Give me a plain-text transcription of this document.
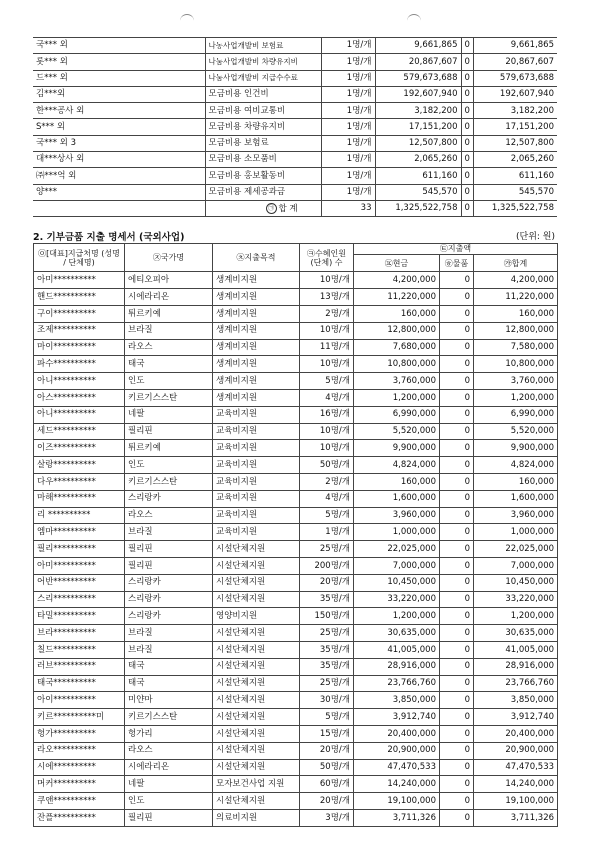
국*** 외	나농사업개발비 보험료	1명/개	9,661,865	0	9,661,865
롯*** 외	나눔사업개발비 차량유지비	1명/개	20,867,607	0	20,867,607
드*** 외	나눔사업개발비 지급수수료	1명/개	579,673,688	0	579,673,688
김***외	모금비용 인건비	1명/개	192,607,940	0	192,607,940
한***공사 외	모금비용 여비교통비	1명/개	3,182,200	0	3,182,200
S*** 외	모금비용 차량유지비	1명/개	17,151,200	0	17,151,200
국*** 외 3	모금비용 보험료	1명/개	12,507,800	0	12,507,800
대***상사 외	모금비용 소모품비	1명/개	2,065,260	0	2,065,260
㈜***억 외	모금비용 홍보활동비	1명/개	611,160	0	611,160
양***	모금비용 제세공과금	1명/개	545,570	0	545,570
	㉠ 합 계	33	1,325,522,758	0	1,325,522,758
2. 기부금품 지출 명세서 (국외사업)	(단위: 원)
㉧[대표]지급처명 (성명 / 단체명)	㉨국가명	㉩지출목적	㉪수혜인원 (단체) 수	㉫지출액		
				㉬현금	㉭물품	㉮합계
아미**********	에티오피아	생계비지원	10명/개	4,200,000	0	4,200,000
핸드**********	시에라리온	생계비지원	13명/개	11,220,000	0	11,220,000
구이**********	튀르키예	생계비지원	2명/개	160,000	0	160,000
조제**********	브라질	생계비지원	10명/개	12,800,000	0	12,800,000
마이**********	라오스	생계비지원	11명/개	7,680,000	0	7,580,000
파수**********	태국	생계비지원	10명/개	10,800,000	0	10,800,000
아니**********	인도	생계비지원	5명/개	3,760,000	0	3,760,000
아스**********	키르기스스탄	생계비지원	4명/개	1,200,000	0	1,200,000
아니**********	네팔	교육비지원	16명/개	6,990,000	0	6,990,000
세드**********	필리핀	교육비지원	10명/개	5,520,000	0	5,520,000
이즈**********	튀르키예	교육비지원	10명/개	9,900,000	0	9,900,000
살랑**********	인도	교육비지원	50명/개	4,824,000	0	4,824,000
다우**********	키르기스스탄	교육비지원	2명/개	160,000	0	160,000
마해**********	스리랑카	교육비지원	4명/개	1,600,000	0	1,600,000
리 **********	라오스	교육비지원	5명/개	3,960,000	0	3,960,000
엠마**********	브라질	교육비지원	1명/개	1,000,000	0	1,000,000
필리**********	필리핀	시설단체지원	25명/개	22,025,000	0	22,025,000
아미**********	필리핀	시설단체지원	200명/개	7,000,000	0	7,000,000
어반**********	스리랑카	시설단체지원	20명/개	10,450,000	0	10,450,000
스리**********	스리랑카	시설단체지원	35명/개	33,220,000	0	33,220,000
타밀**********	스리랑카	영양비지원	150명/개	1,200,000	0	1,200,000
브라**********	브라질	시설단체지원	25명/개	30,635,000	0	30,635,000
칠드**********	브라질	시설단체지원	35명/개	41,005,000	0	41,005,000
러브**********	태국	시설단체지원	35명/개	28,916,000	0	28,916,000
태국**********	태국	시설단체지원	25명/개	23,766,760	0	23,766,760
아이**********	미얀마	시설단체지원	30명/개	3,850,000	0	3,850,000
키르**********미	키르기스스탄	시설단체지원	5명/개	3,912,740	0	3,912,740
헝가**********	헝가리	시설단체지원	15명/개	20,400,000	0	20,400,000
라오**********	라오스	시설단체지원	20명/개	20,900,000	0	20,900,000
시에**********	시에라리온	시설단체지원	50명/개	47,470,533	0	47,470,533
머커**********	네팔	모자보건사업 지원	60명/개	14,240,000	0	14,240,000
쿠앤**********	인도	시설단체지원	20명/개	19,100,000	0	19,100,000
잔플**********	필리핀	의료비지원	3명/개	3,711,326	0	3,711,326
